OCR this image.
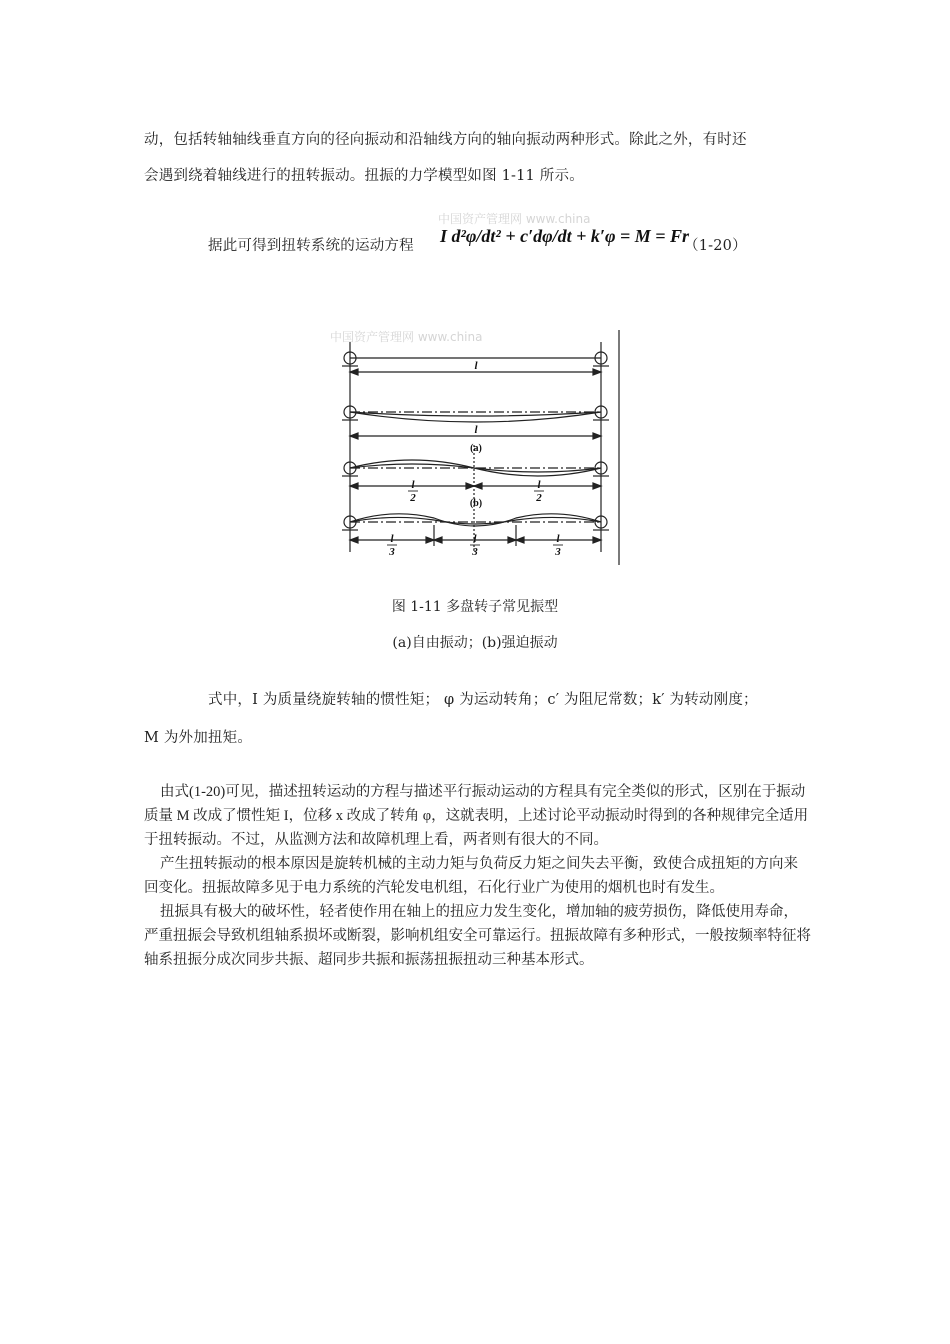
动，包括转轴轴线垂直方向的径向振动和沿轴线方向的轴向振动两种形式。除此之外，有时还
会遇到绕着轴线进行的扭转振动。扭振的力学模型如图 1-11 所示。
据此可得到扭转系统的运动方程
中国资产管理网 www.china
I d²φ/dt² + c′dφ/dt + k′φ = M = Fr
（1-20）
中国资产管理网 www.china
l
l
l
2
l
2
l
3
l
3
l
3
(a)
(b)
图 1-11 多盘转子常见振型
(a)自由振动；(b)强迫振动
式中，I 为质量绕旋转轴的惯性矩； φ 为运动转角；c′ 为阻尼常数；k′ 为转动刚度；
M 为外加扭矩。

由式(1-20)可见，描述扭转运动的方程与描述平行振动运动的方程具有完全类似的形式，区别在于振动质量 M 改成了惯性矩 I，位移 x 改成了转角 φ，这就表明，上述讨论平动振动时得到的各种规律完全适用于扭转振动。不过，从监测方法和故障机理上看，两者则有很大的不同。

产生扭转振动的根本原因是旋转机械的主动力矩与负荷反力矩之间失去平衡，致使合成扭矩的方向来回变化。扭振故障多见于电力系统的汽轮发电机组，石化行业广为使用的烟机也时有发生。

扭振具有极大的破坏性，轻者使作用在轴上的扭应力发生变化，增加轴的疲劳损伤，降低使用寿命，严重扭振会导致机组轴系损坏或断裂，影响机组安全可靠运行。扭振故障有多种形式，一般按频率特征将轴系扭振分成次同步共振、超同步共振和振荡扭振扭动三种基本形式。
